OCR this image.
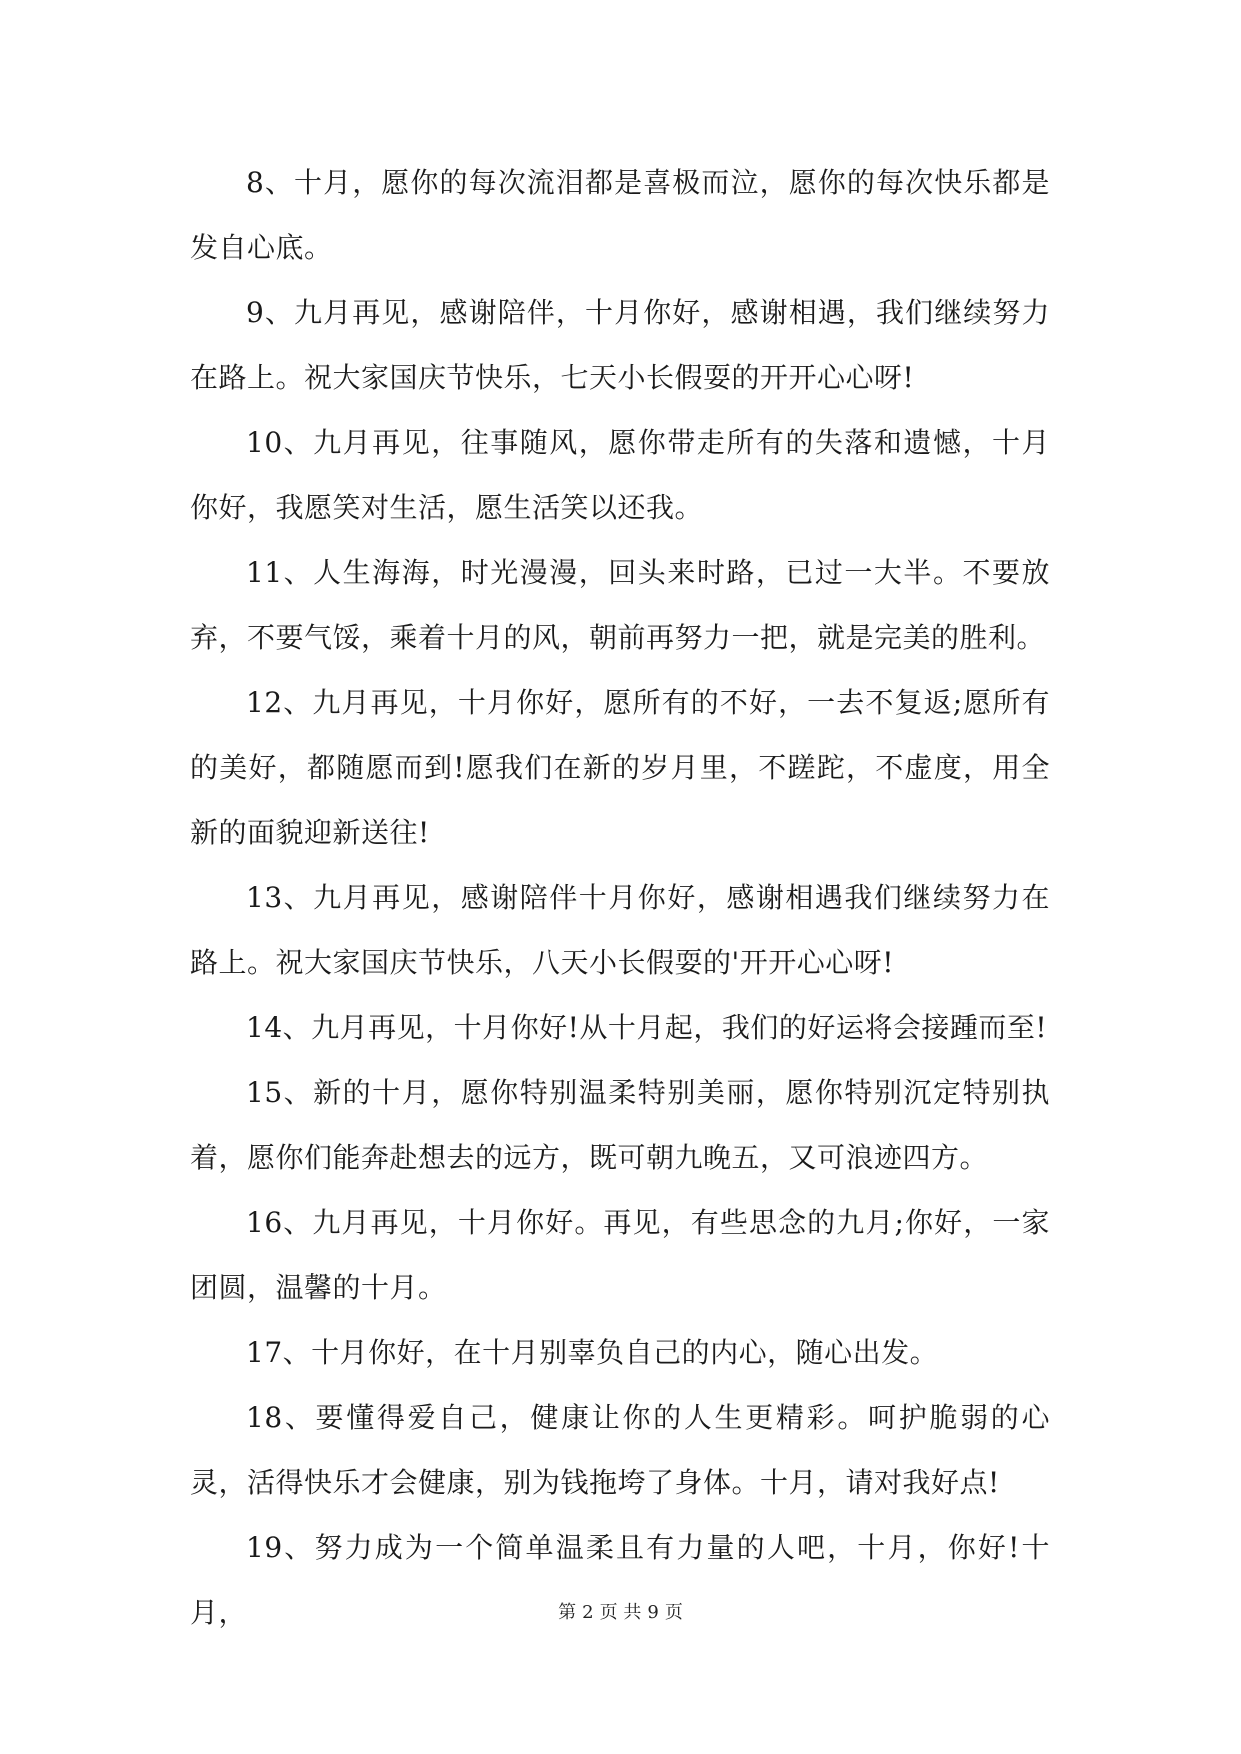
8、十月，愿你的每次流泪都是喜极而泣，愿你的每次快乐都是发自心底。

9、九月再见，感谢陪伴，十月你好，感谢相遇，我们继续努力在路上。祝大家国庆节快乐，七天小长假耍的开开心心呀!

10、九月再见，往事随风，愿你带走所有的失落和遗憾，十月你好，我愿笑对生活，愿生活笑以还我。

11、人生海海，时光漫漫，回头来时路，已过一大半。不要放弃，不要气馁，乘着十月的风，朝前再努力一把，就是完美的胜利。

12、九月再见，十月你好，愿所有的不好，一去不复返;愿所有的美好，都随愿而到!愿我们在新的岁月里，不蹉跎，不虚度，用全新的面貌迎新送往!

13、九月再见，感谢陪伴十月你好，感谢相遇我们继续努力在路上。祝大家国庆节快乐，八天小长假耍的'开开心心呀!

14、九月再见，十月你好!从十月起，我们的好运将会接踵而至!

15、新的十月，愿你特别温柔特别美丽，愿你特别沉定特别执着，愿你们能奔赴想去的远方，既可朝九晚五，又可浪迹四方。

16、九月再见，十月你好。再见，有些思念的九月;你好，一家团圆，温馨的十月。

17、十月你好，在十月别辜负自己的内心，随心出发。

18、要懂得爱自己，健康让你的人生更精彩。呵护脆弱的心灵，活得快乐才会健康，别为钱拖垮了身体。十月，请对我好点!

19、努力成为一个简单温柔且有力量的人吧，十月，你好!十月，	第 2 页 共 9 页
